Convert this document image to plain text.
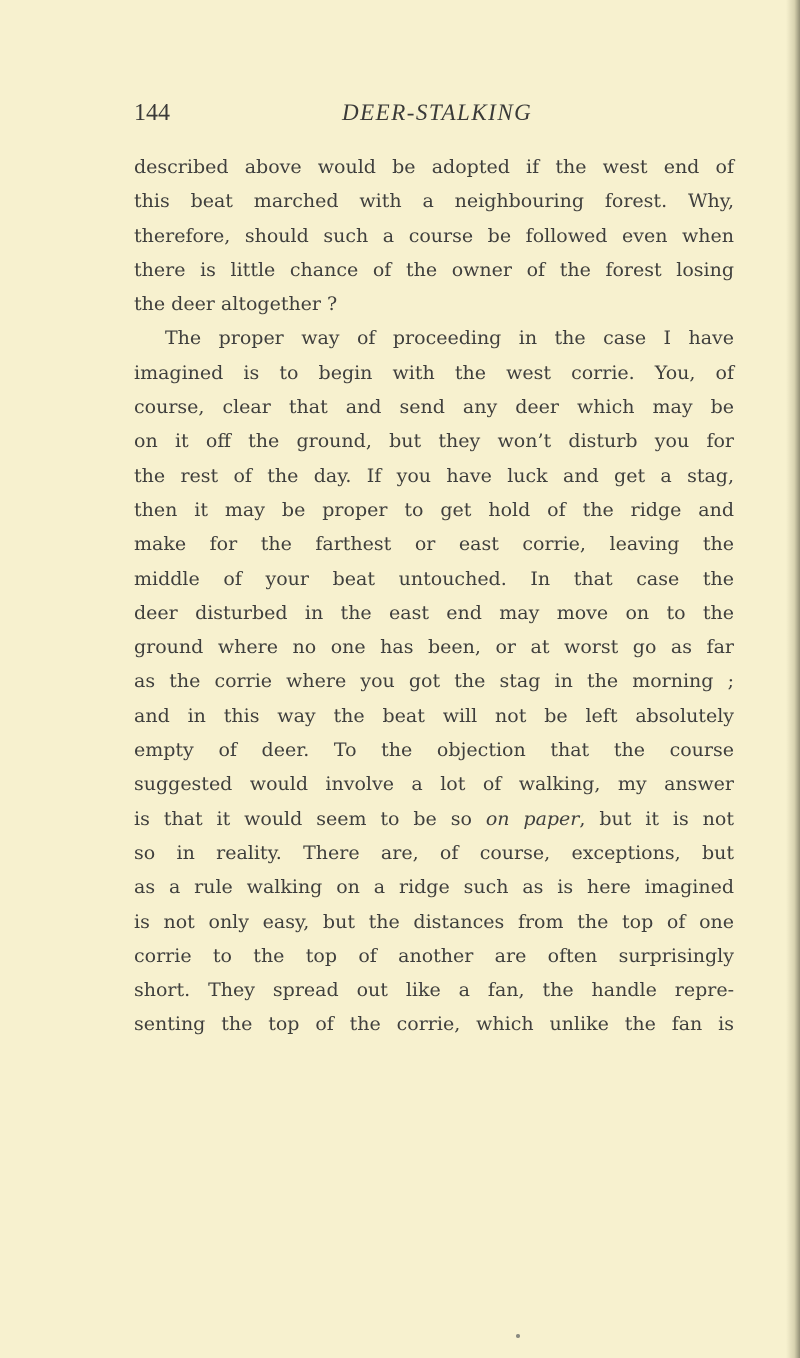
144	DEER-STALKING
described above would be adopted if the west end of
this beat marched with a neighbouring forest. Why,
therefore, should such a course be followed even when
there is little chance of the owner of the forest losing
the deer altogether ?
The proper way of proceeding in the case I have
imagined is to begin with the west corrie. You, of
course, clear that and send any deer which may be
on it off the ground, but they won’t disturb you for
the rest of the day. If you have luck and get a stag,
then it may be proper to get hold of the ridge and
make for the farthest or east corrie, leaving the
middle of your beat untouched. In that case the
deer disturbed in the east end may move on to the
ground where no one has been, or at worst go as far
as the corrie where you got the stag in the morning ;
and in this way the beat will not be left absolutely
empty of deer. To the objection that the course
suggested would involve a lot of walking, my answer
is that it would seem to be so on paper, but it is not
so in reality. There are, of course, exceptions, but
as a rule walking on a ridge such as is here imagined
is not only easy, but the distances from the top of one
corrie to the top of another are often surprisingly
short. They spread out like a fan, the handle repre-
senting the top of the corrie, which unlike the fan is
